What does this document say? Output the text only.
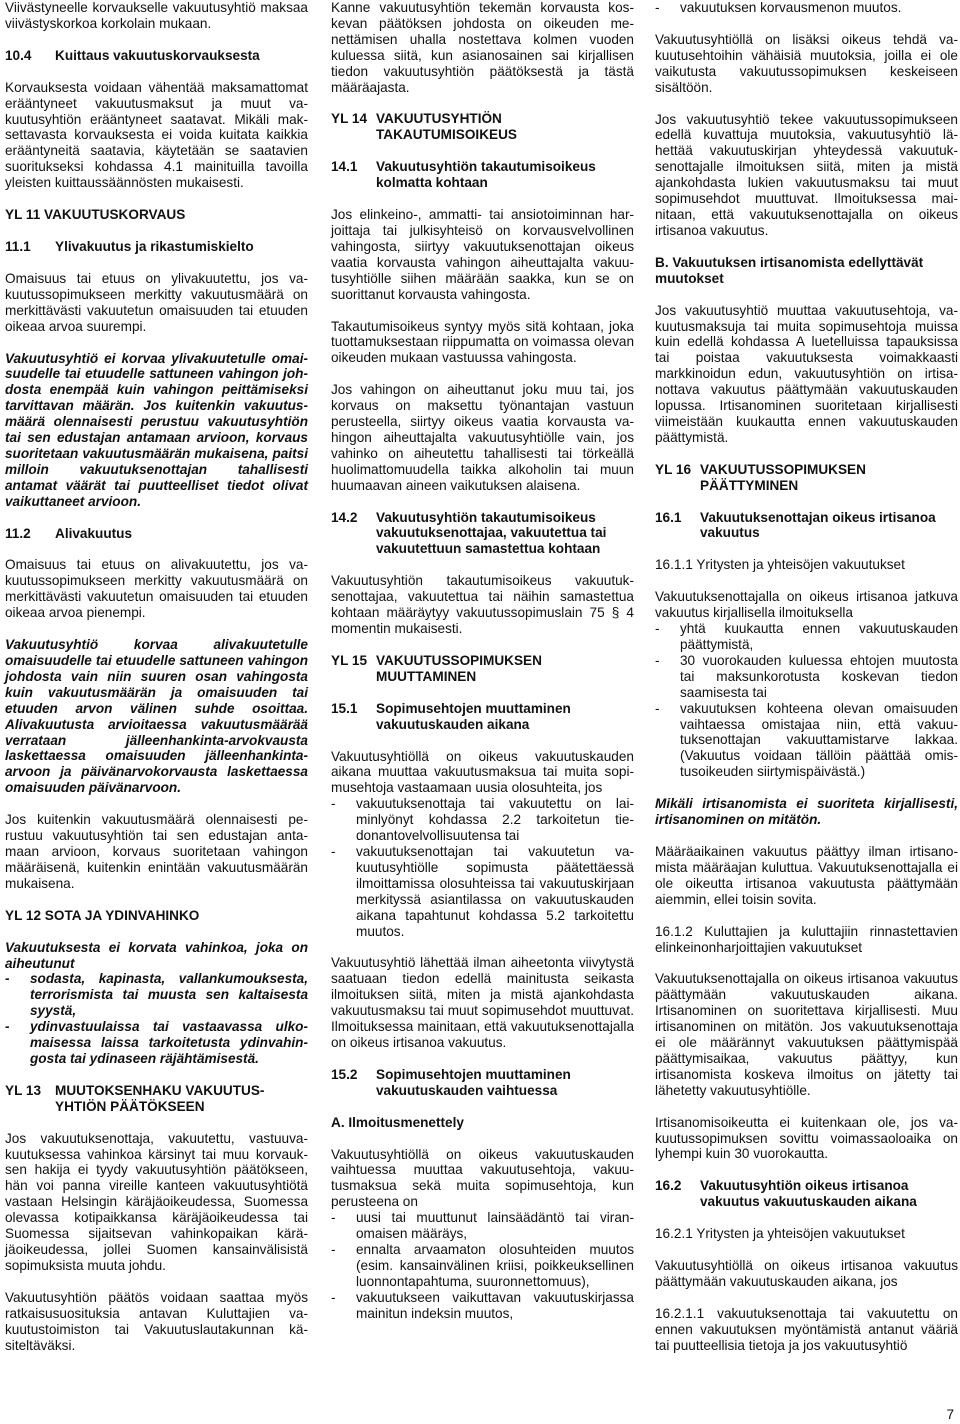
Viivästyneelle korvaukselle vakuutusyhtiö maksaa viivästyskorkoa korkolain mukaan.
10.4	Kuittaus vakuutuskorvauksesta
Korvauksesta voidaan vähentää maksamattomat erääntyneet vakuutusmaksut ja muut vakuutusyhtiön erääntyneet saatavat. Mikäli maksettavasta korvauksesta ei voida kuitata kaikkia erääntyneitä saatavia, käytetään se saatavien suoritukseksi kohdassa 4.1 mainituilla tavoilla yleisten kuittaussäännösten mukaisesti.
YL 11 VAKUUTUSKORVAUS
11.1	Ylivakuutus ja rikastumiskielto
Omaisuus tai etuus on ylivakuutettu, jos vakuutussopimukseen merkitty vakuutusmäärä on merkittävästi vakuutetun omaisuuden tai etuuden oikeaa arvoa suurempi.
Vakuutusyhtiö ei korvaa ylivakuutetulle omaisuudelle tai etuudelle sattuneen vahingon johdosta enempää kuin vahingon peittämiseksi tarvittavan määrän. Jos kuitenkin vakuutusmäärä olennaisesti perustuu vakuutusyhtiön tai sen edustajan antamaan arvioon, korvaus suoritetaan vakuutusmäärän mukaisena, paitsi milloin vakuutuksenottajan tahallisesti antamat väärät tai puutteelliset tiedot olivat vaikuttaneet arvioon.
11.2	Alivakuutus
Omaisuus tai etuus on alivakuutettu, jos vakuutussopimukseen merkitty vakuutusmäärä on merkittävästi vakuutetun omaisuuden tai etuuden oikeaa arvoa pienempi.
Vakuutusyhtiö korvaa alivakuutetulle omaisuudelle tai etuudelle sattuneen vahingon johdosta vain niin suuren osan vahingosta kuin vakuutusmäärän ja omaisuuden tai etuuden arvon välinen suhde osoittaa. Alivakuutusta arvioitaessa vakuutusmäärää verrataan jälleenhankinta-arvokvausta laskettaessa omaisuuden jälleenhankinta-arvoon ja päivänarvokorvausta laskettaessa omaisuuden päivänarvoon.
Jos kuitenkin vakuutusmäärä olennaisesti perustuu vakuutusyhtiön tai sen edustajan antamaan arvioon, korvaus suoritetaan vahingon määräisenä, kuitenkin enintään vakuutusmäärän mukaisena.
YL 12 SOTA JA YDINVAHINKO
Vakuutuksesta ei korvata vahinkoa, joka on aiheutunut
-	sodasta, kapinasta, vallankumouksesta, terrorismista tai muusta sen kaltaisesta syystä,
-	ydinvastuulaissa tai vastaavassa ulkomaisessa laissa tarkoitetusta ydinvahingosta tai ydinaseen räjähtämisestä.
YL 13	MUUTOKSENHAKU VAKUUTUSYHTIÖN PÄÄTÖKSEEN
Jos vakuutuksenottaja, vakuutettu, vastuuvakuutuksessa vahinkoa kärsinyt tai muu korvauksen hakija ei tyydy vakuutusyhtiön päätökseen, hän voi panna vireille kanteen vakuutusyhtiötä vastaan Helsingin käräjäoikeudessa, Suomessa olevassa kotipaikkansa käräjäoikeudessa tai Suomessa sijaitsevan vahinkopaikan käräjäoikeudessa, jollei Suomen kansainvälisistä sopimuksista muuta johdu.
Vakuutusyhtiön päätös voidaan saattaa myös ratkaisusuosituksia antavan Kuluttajien vakuutustoimiston tai Vakuutuslautakunnan käsiteltäväksi.
Kanne vakuutusyhtiön tekemän korvausta koskevan päätöksen johdosta on oikeuden menettämisen uhalla nostettava kolmen vuoden kuluessa siitä, kun asianosainen sai kirjallisen tiedon vakuutusyhtiön päätöksestä ja tästä määräajasta.
YL 14 VAKUUTUSYHTIÖN TAKAUTUMISOIKEUS
14.1	Vakuutusyhtiön takautumisoikeus kolmatta kohtaan
Jos elinkeino-, ammatti- tai ansiotoiminnan harjoittaja tai julkisyhteisö on korvausvelvollinen vahingosta, siirtyy vakuutuksenottajan oikeus vaatia korvausta vahingon aiheuttajalta vakuutusyhtiölle siihen määrään saakka, kun se on suorittanut korvausta vahingosta.
Takautumisoikeus syntyy myös sitä kohtaan, joka tuottamuksestaan riippumatta on voimassa olevan oikeuden mukaan vastuussa vahingosta.
Jos vahingon on aiheuttanut joku muu tai, jos korvaus on maksettu työnantajan vastuun perusteella, siirtyy oikeus vaatia korvausta vahingon aiheuttajalta vakuutusyhtiölle vain, jos vahinko on aiheutettu tahallisesti tai törkeällä huolimattomuudella taikka alkoholin tai muun huumaavan aineen vaikutuksen alaisena.
14.2	Vakuutusyhtiön takautumisoikeus vakuutuksenottajaa, vakuutettua tai vakuutettuun samastettua kohtaan
Vakuutusyhtiön takautumisoikeus vakuutuksenottajaa, vakuutettua tai näihin samastettua kohtaan määräytyy vakuutussopimuslain 75 § 4 momentin mukaisesti.
YL 15 VAKUUTUSSOPIMUKSEN MUUTTAMINEN
15.1	Sopimusehtojen muuttaminen vakuutuskauden aikana
Vakuutusyhtiöllä on oikeus vakuutuskauden aikana muuttaa vakuutusmaksua tai muita sopimusehtoja vastaamaan uusia olosuhteita, jos
-	vakuutuksenottaja tai vakuutettu on laiminlyönyt kohdassa 2.2 tarkoitetun tiedonantovelvollisuutensa tai
-	vakuutuksenottajan tai vakuutetun vakuutusyhtiölle sopimusta päätettäessä ilmoittamissa olosuhteissa tai vakuutuskirjaan merkityssä asiantilassa on vakuutuskauden aikana tapahtunut kohdassa 5.2 tarkoitettu muutos.
Vakuutusyhtiö lähettää ilman aiheetonta viivytystä saatuaan tiedon edellä mainitusta seikasta ilmoituksen siitä, miten ja mistä ajankohdasta vakuutusmaksu tai muut sopimusehdot muuttuvat. Ilmoituksessa mainitaan, että vakuutuksenottajalla on oikeus irtisanoa vakuutus.
15.2	Sopimusehtojen muuttaminen vakuutuskauden vaihtuessa
A. Ilmoitusmenettely
Vakuutusyhtiöllä on oikeus vakuutuskauden vaihtuessa muuttaa vakuutusehtoja, vakuutusmaksua sekä muita sopimusehtoja, kun perusteena on
-	uusi tai muuttunut lainsäädäntö tai viranomaisen määräys,
-	ennalta arvaamaton olosuhteiden muutos (esim. kansainvälinen kriisi, poikkeuksellinen luonnontapahtuma, suuronnettomuus),
-	vakuutukseen vaikuttavan vakuutuskirjassa mainitun indeksin muutos,
-	vakuutuksen korvausmenon muutos.
Vakuutusyhtiöllä on lisäksi oikeus tehdä vakuutusehtoihin vähäisiä muutoksia, joilla ei ole vaikutusta vakuutussopimuksen keskeiseen sisältöön.
Jos vakuutusyhtiö tekee vakuutussopimukseen edellä kuvattuja muutoksia, vakuutusyhtiö lähettää vakuutuskirjan yhteydessä vakuutuksenottajalle ilmoituksen siitä, miten ja mistä ajankohdasta lukien vakuutusmaksu tai muut sopimusehdot muuttuvat. Ilmoituksessa mainitaan, että vakuutuksenottajalla on oikeus irtisanoa vakuutus.
B. Vakuutuksen irtisanomista edellyttävät muutokset
Jos vakuutusyhtiö muuttaa vakuutusehtoja, vakuutusmaksuja tai muita sopimusehtoja muissa kuin edellä kohdassa A luetelluissa tapauksissa tai poistaa vakuutuksesta voimakkaasti markkinoidun edun, vakuutusyhtiön on irtisanottava vakuutus päättymään vakuutuskauden lopussa. Irtisanominen suoritetaan kirjallisesti viimeistään kuukautta ennen vakuutuskauden päättymistä.
YL 16 VAKUUTUSSOPIMUKSEN PÄÄTTYMINEN
16.1	Vakuutuksenottajan oikeus irtisanoa vakuutus
16.1.1 Yritysten ja yhteisöjen vakuutukset
Vakuutuksenottajalla on oikeus irtisanoa jatkuva vakuutus kirjallisella ilmoituksella
-	yhtä kuukautta ennen vakuutuskauden päättymistä,
-	30 vuorokauden kuluessa ehtojen muutosta tai maksunkorotusta koskevan tiedon saamisesta tai
-	vakuutuksen kohteena olevan omaisuuden vaihtaessa omistajaa niin, että vakuutuksenottajan vakuuttamistarve lakkaa. (Vakuutus voidaan tällöin päättää omistusoikeuden siirtymispäivästä.)
Mikäli irtisanomista ei suoriteta kirjallisesti, irtisanominen on mitätön.
Määräaikainen vakuutus päättyy ilman irtisanomista määräajan kuluttua. Vakuutuksenottajalla ei ole oikeutta irtisanoa vakuutusta päättymään aiemmin, ellei toisin sovita.
16.1.2 Kuluttajien ja kuluttajiin rinnastettavien elinkeinonharjoittajien vakuutukset
Vakuutuksenottajalla on oikeus irtisanoa vakuutus päättymään vakuutuskauden aikana. Irtisanominen on suoritettava kirjallisesti. Muu irtisanominen on mitätön. Jos vakuutuksenottaja ei ole määrännyt vakuutuksen päättymispää päättymisaikaa, vakuutus päättyy, kun irtisanomista koskeva ilmoitus on jätetty tai lähetetty vakuutusyhtiölle.
Irtisanomisoikeutta ei kuitenkaan ole, jos vakuutussopimuksen sovittu voimassaoloaika on lyhempi kuin 30 vuorokautta.
16.2	Vakuutusyhtiön oikeus irtisanoa vakuutus vakuutuskauden aikana
16.2.1 Yritysten ja yhteisöjen vakuutukset
Vakuutusyhtiöllä on oikeus irtisanoa vakuutus päättymään vakuutuskauden aikana, jos
16.2.1.1 vakuutuksenottaja tai vakuutettu on ennen vakuutuksen myöntämistä antanut vääriä tai puutteellisia tietoja ja jos vakuutusyhtiö
7
